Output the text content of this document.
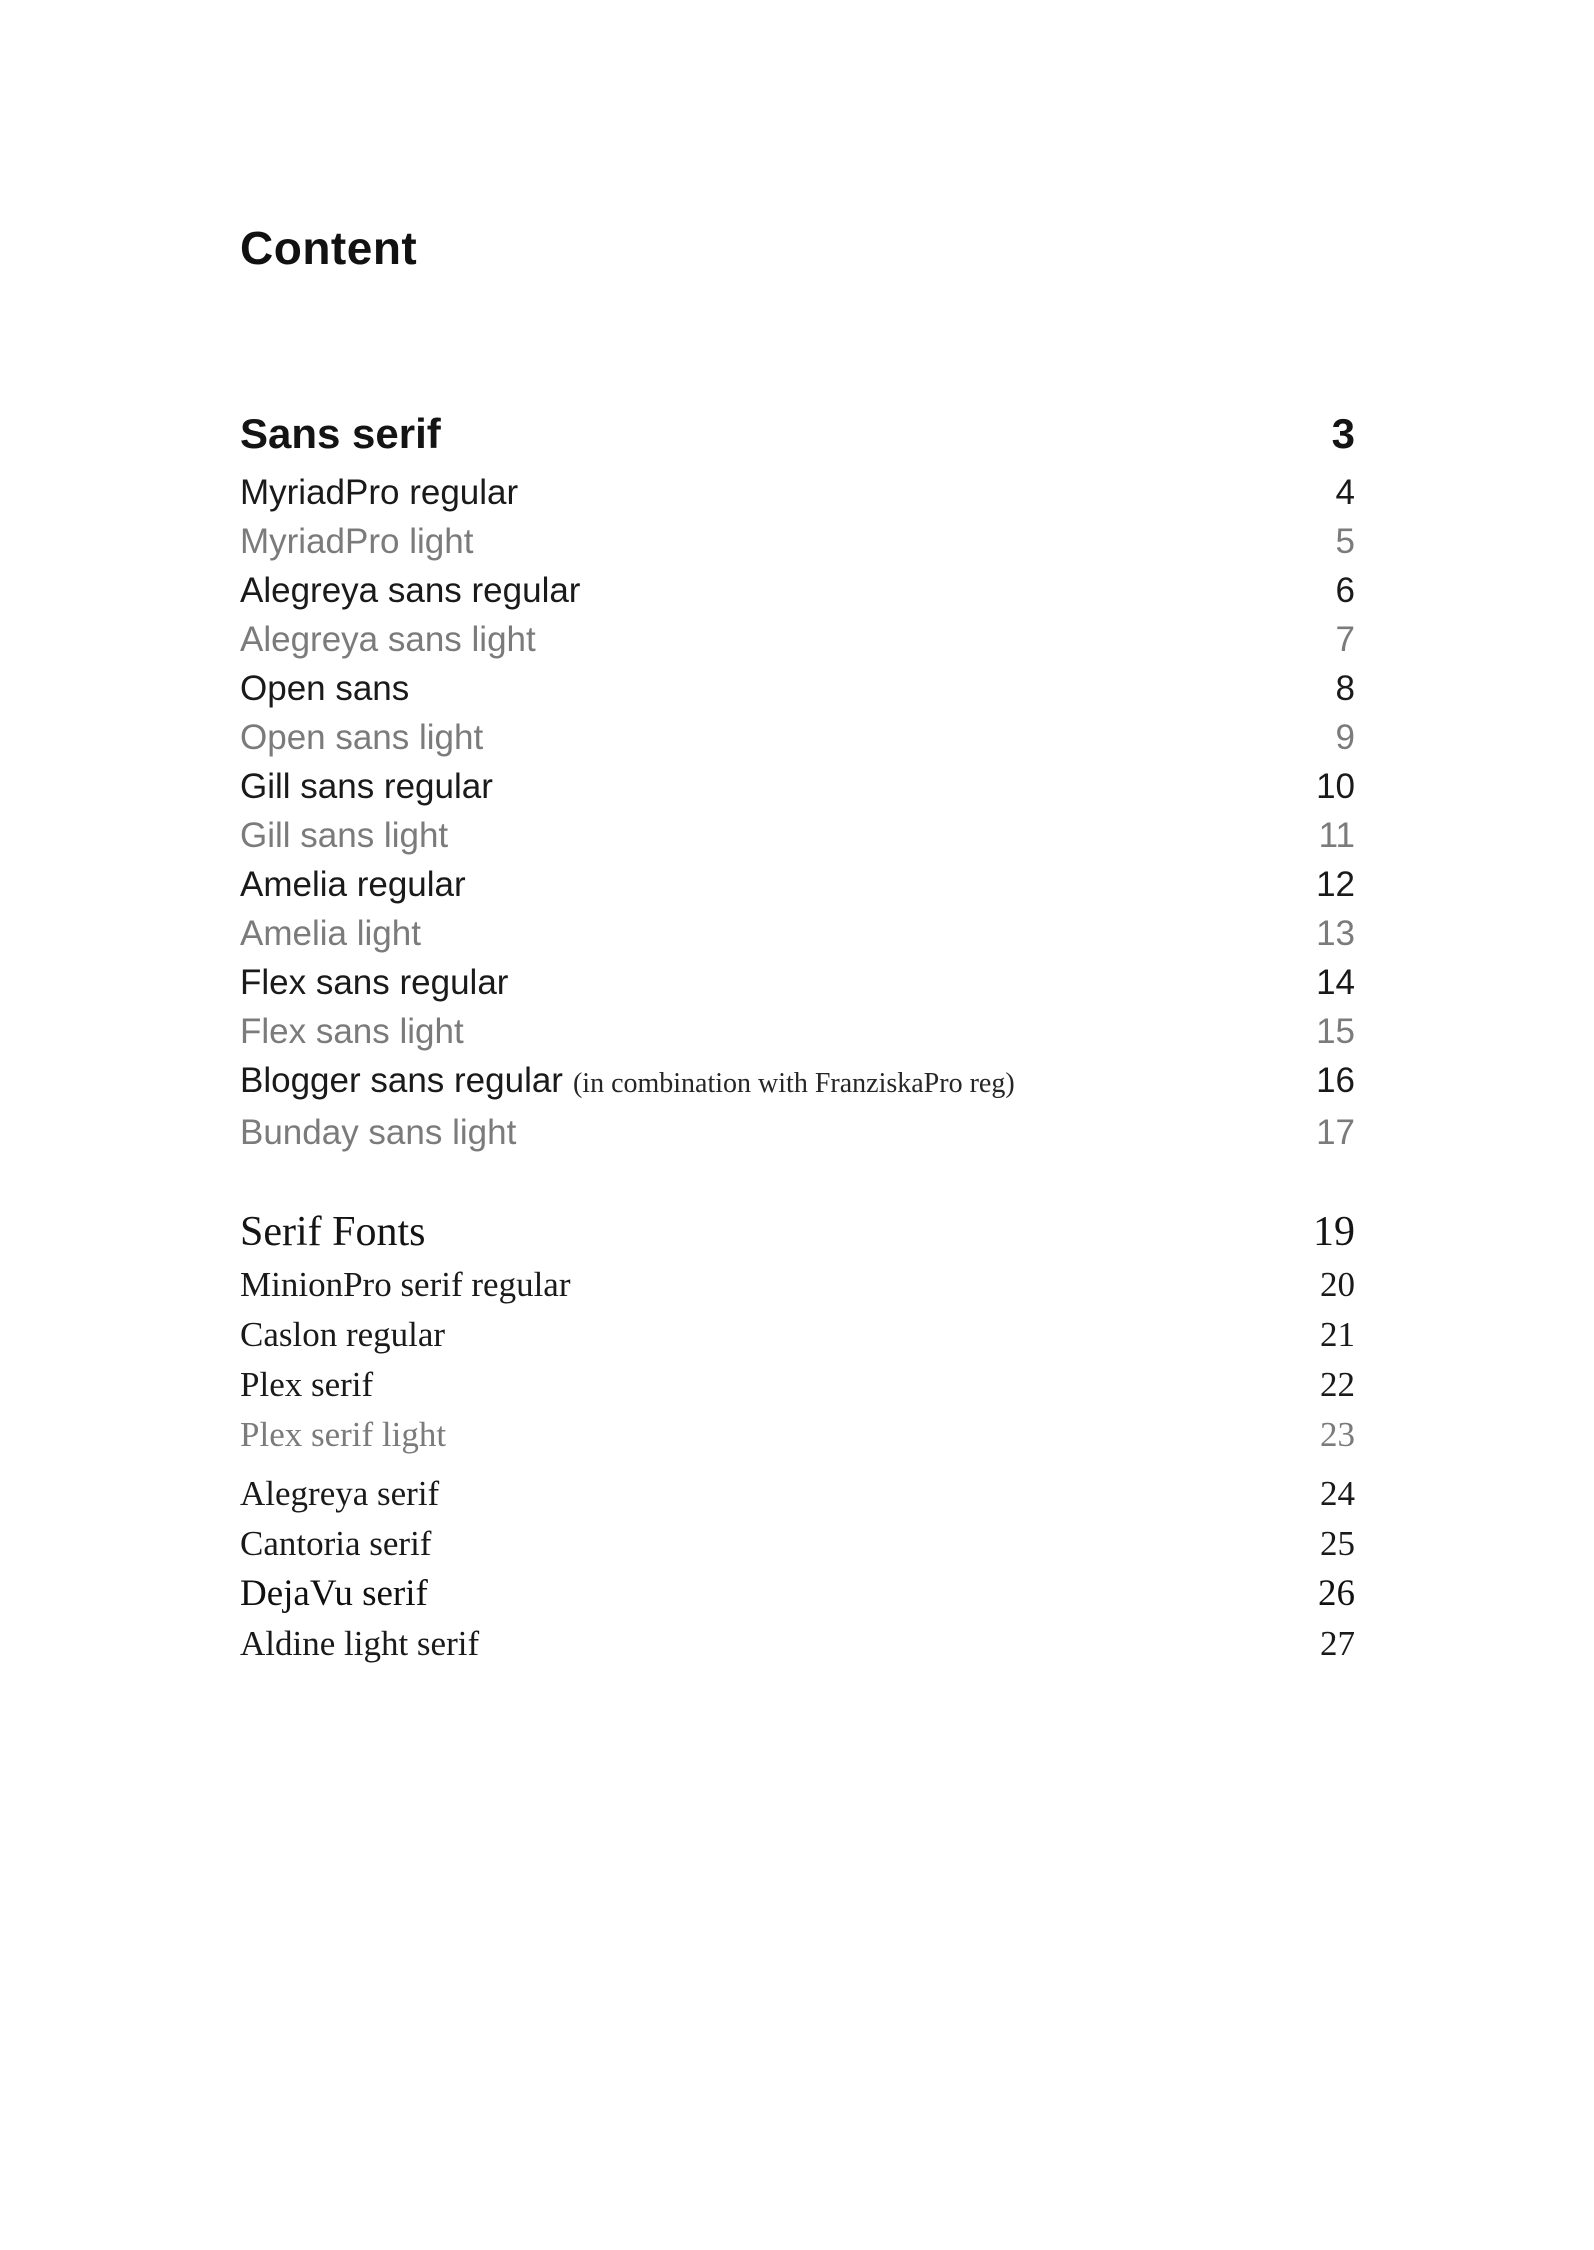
Content
Sans serif	3
MyriadPro regular	4
MyriadPro light	5
Alegreya sans regular	6
Alegreya sans light	7
Open sans	8
Open sans light	9
Gill sans regular	10
Gill sans light	11
Amelia regular	12
Amelia light	13
Flex sans regular	14
Flex sans light	15
Blogger sans regular (in combination with FranziskaPro reg)	16
Bunday sans light	17
Serif Fonts	19
MinionPro serif regular	20
Caslon regular	21
Plex serif	22
Plex serif light	23
Alegreya serif	24
Cantoria serif	25
DejaVu serif	26
Aldine light serif	27
